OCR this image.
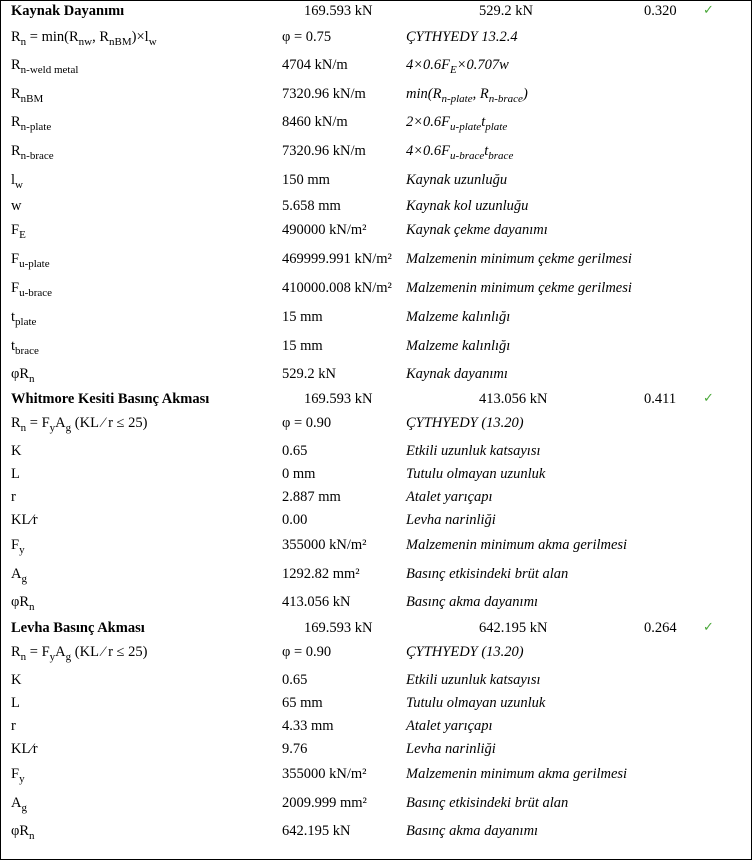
Kaynak Dayanımı	169.593 kN	529.2 kN	0.320 ✓
$R_n = \min(R_{nw}$, $R_{nBM})\times l_w$	φ = 0.75	ÇYTHYEDY 13.2.4
$R_{n-weld metal}$	4704 kN/m	$4\times 0.6F_E\times 0.707w$
$R_{nBM}$	7320.96 kN/m	$\min(R_{n-plate}$, $R_{n-brace}$)
$R_{n-plate}$	8460 kN/m	$2\times 0.6F_{u-plate}t_{plate}$
$R_{n-brace}$	7320.96 kN/m	$4\times 0.6F_{u-brace}t_{brace}$
$l_w$	150 mm	Kaynak uzunluğu
w	5.658 mm	Kaynak kol uzunluğu
$F_E$	490000 kN/m²	Kaynak çekme dayanımı
$F_{u-plate}$	469999.991 kN/m² Malzemenin minimum çekme gerilmesi
$F_{u-brace}$	410000.008 kN/m² Malzemenin minimum çekme gerilmesi
$t_{plate}$	15 mm	Malzeme kalınlığı
$t_{brace}$	15 mm	Malzeme kalınlığı
$\varphi R_n$	529.2 kN	Kaynak dayanımı
Whitmore Kesiti Basınç Akması	169.593 kN	413.056 kN	0.411 ✓
$R_n = F_yA_g$ (KL ⁄ r ≤ 25)	φ = 0.90	ÇYTHYEDY (13.20)
K	0.65	Etkili uzunluk katsayısı
L	0 mm	Tutulu olmayan uzunluk
r	2.887 mm	Atalet yarıçapı
KL⁄r	0.00	Levha narinliği
$F_y$	355000 kN/m²	Malzemenin minimum akma gerilmesi
$A_g$	1292.82 mm²	Basınç etkisindeki brüt alan
$\varphi R_n$	413.056 kN	Basınç akma dayanımı
Levha Basınç Akması	169.593 kN	642.195 kN	0.264 ✓
$R_n = F_yA_g$ (KL ⁄ r ≤ 25)	φ = 0.90	ÇYTHYEDY (13.20)
K	0.65	Etkili uzunluk katsayısı
L	65 mm	Tutulu olmayan uzunluk
r	4.33 mm	Atalet yarıçapı
KL⁄r	9.76	Levha narinliği
$F_y$	355000 kN/m²	Malzemenin minimum akma gerilmesi
$A_g$	2009.999 mm²	Basınç etkisindeki brüt alan
$\varphi R_n$	642.195 kN	Basınç akma dayanımı
